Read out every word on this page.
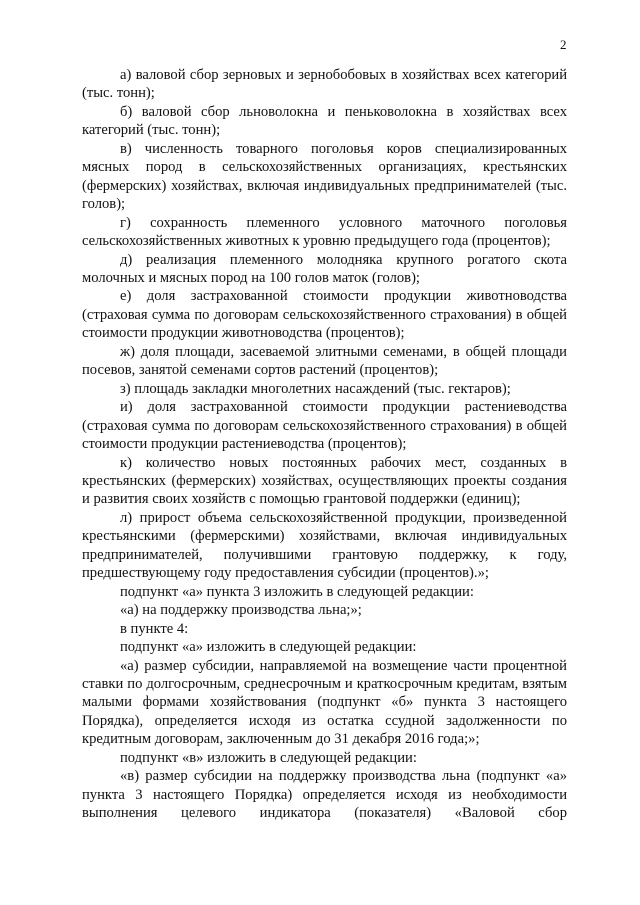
2

а) валовой сбор зерновых и зернобобовых в хозяйствах всех категорий (тыс. тонн);

б) валовой сбор льноволокна и пеньковолокна в хозяйствах всех категорий (тыс. тонн);

в) численность товарного поголовья коров специализированных мясных пород в сельскохозяйственных организациях, крестьянских (фермерских) хозяйствах, включая индивидуальных предпринимателей (тыс. голов);

г) сохранность племенного условного маточного поголовья сельскохозяйственных животных к уровню предыдущего года (процентов);

д) реализация племенного молодняка крупного рогатого скота молочных и мясных пород на 100 голов маток (голов);

е) доля застрахованной стоимости продукции животноводства (страховая сумма по договорам сельскохозяйственного страхования) в общей стоимости продукции животноводства (процентов);

ж) доля площади, засеваемой элитными семенами, в общей площади посевов, занятой семенами сортов растений (процентов);

з) площадь закладки многолетних насаждений (тыс. гектаров);

и) доля застрахованной стоимости продукции растениеводства (страховая сумма по договорам сельскохозяйственного страхования) в общей стоимости продукции растениеводства (процентов);

к) количество новых постоянных рабочих мест, созданных в крестьянских (фермерских) хозяйствах, осуществляющих проекты создания и развития своих хозяйств с помощью грантовой поддержки (единиц);

л) прирост объема сельскохозяйственной продукции, произведенной крестьянскими (фермерскими) хозяйствами, включая индивидуальных предпринимателей, получившими грантовую поддержку, к году, предшествующему году предоставления субсидии (процентов).»;

подпункт «а» пункта 3 изложить в следующей редакции:

«а) на поддержку производства льна;»;

в пункте 4:

подпункт «а» изложить в следующей редакции:

«а) размер субсидии, направляемой на возмещение части процентной ставки по долгосрочным, среднесрочным и краткосрочным кредитам, взятым малыми формами хозяйствования (подпункт «б» пункта 3 настоящего Порядка), определяется исходя из остатка ссудной задолженности по кредитным договорам, заключенным до 31 декабря 2016 года;»;

подпункт «в» изложить в следующей редакции:

«в) размер субсидии на поддержку производства льна (подпункт «а» пункта 3 настоящего Порядка) определяется исходя из необходимости выполнения целевого индикатора (показателя) «Валовой сбор
